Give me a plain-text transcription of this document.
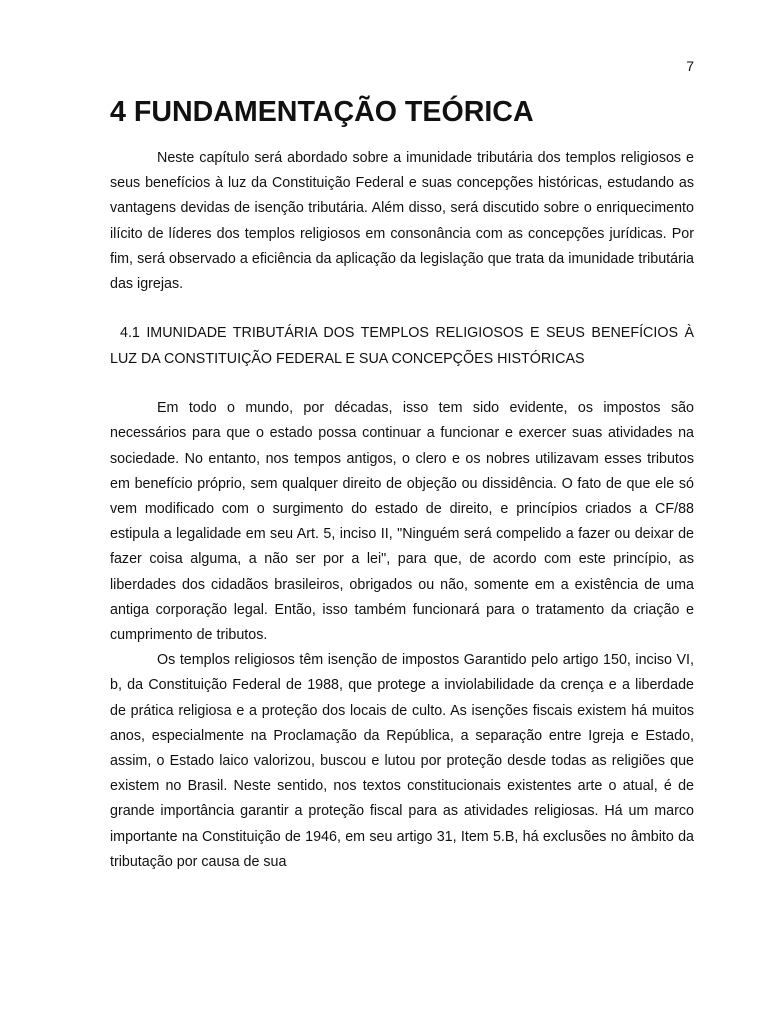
7
4 FUNDAMENTAÇÃO TEÓRICA

Neste capítulo será abordado sobre a imunidade tributária dos templos religiosos e seus benefícios à luz da Constituição Federal e suas concepções históricas, estudando as vantagens devidas de isenção tributária. Além disso, será discutido sobre o enriquecimento ilícito de líderes dos templos religiosos em consonância com as concepções jurídicas. Por fim, será observado a eficiência da aplicação da legislação que trata da imunidade tributária das igrejas.

4.1 IMUNIDADE TRIBUTÁRIA DOS TEMPLOS RELIGIOSOS E SEUS BENEFÍCIOS À LUZ DA CONSTITUIÇÃO FEDERAL E SUA CONCEPÇÕES HISTÓRICAS

Em todo o mundo, por décadas, isso tem sido evidente, os impostos são necessários para que o estado possa continuar a funcionar e exercer suas atividades na sociedade. No entanto, nos tempos antigos, o clero e os nobres utilizavam esses tributos em benefício próprio, sem qualquer direito de objeção ou dissidência. O fato de que ele só vem modificado com o surgimento do estado de direito, e princípios criados a CF/88 estipula a legalidade em seu Art. 5, inciso II, "Ninguém será compelido a fazer ou deixar de fazer coisa alguma, a não ser por a lei", para que, de acordo com este princípio, as liberdades dos cidadãos brasileiros, obrigados ou não, somente em a existência de uma antiga corporação legal. Então, isso também funcionará para o tratamento da criação e cumprimento de tributos.

Os templos religiosos têm isenção de impostos Garantido pelo artigo 150, inciso VI, b, da Constituição Federal de 1988, que protege a inviolabilidade da crença e a liberdade de prática religiosa e a proteção dos locais de culto. As isenções fiscais existem há muitos anos, especialmente na Proclamação da República, a separação entre Igreja e Estado, assim, o Estado laico valorizou, buscou e lutou por proteção desde todas as religiões que existem no Brasil. Neste sentido, nos textos constitucionais existentes arte o atual, é de grande importância garantir a proteção fiscal para as atividades religiosas. Há um marco importante na Constituição de 1946, em seu artigo 31, Item 5.B, há exclusões no âmbito da tributação por causa de sua
